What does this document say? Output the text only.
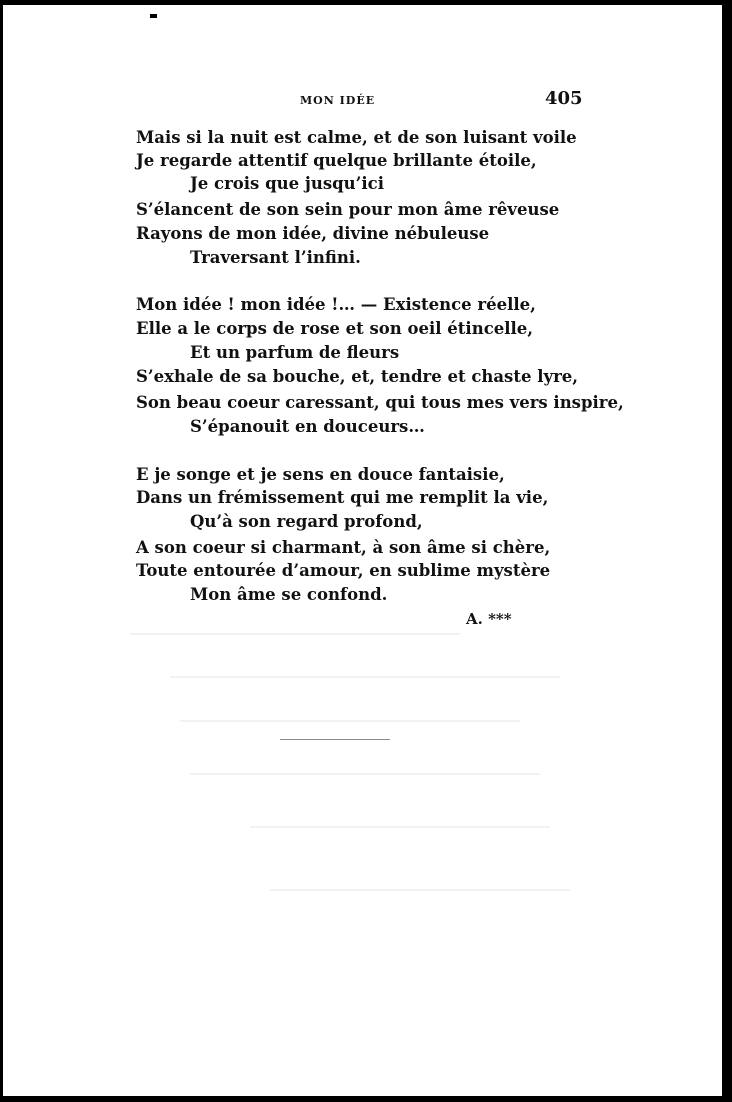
MON IDÉE	405
Mais si la nuit est calme, et de son luisant voile
Je regarde attentif quelque brillante étoile,
Je crois que jusqu’ici
S’élancent de son sein pour mon âme rêveuse
Rayons de mon idée, divine nébuleuse
Traversant l’infini.
Mon idée ! mon idée !… — Existence réelle,
Elle a le corps de rose et son oeil étincelle,
Et un parfum de fleurs
S’exhale de sa bouche, et, tendre et chaste lyre,
Son beau coeur caressant, qui tous mes vers inspire,
S’épanouit en douceurs…
E je songe et je sens en douce fantaisie,
Dans un frémissement qui me remplit la vie,
Qu’à son regard profond,
A son coeur si charmant, à son âme si chère,
Toute entourée d’amour, en sublime mystère
Mon âme se confond.
A. ***
